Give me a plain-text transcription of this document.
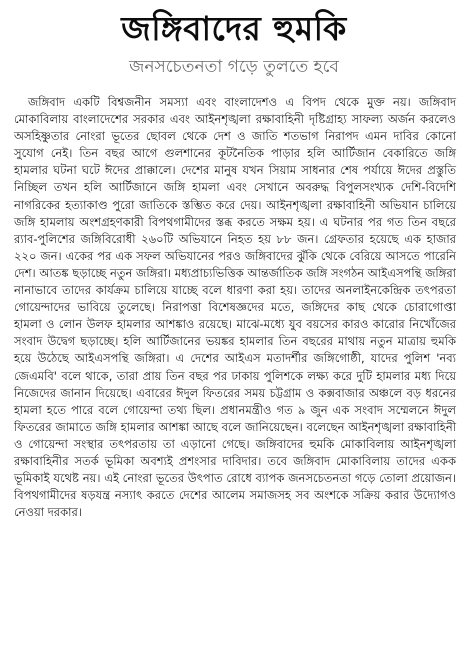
জঙ্গিবাদের হুমকি
জনসচেতনতা গড়ে তুলতে হবে

জঙ্গিবাদ একটি বিশ্বজনীন সমস্যা এবং বাংলাদেশও এ বিপদ থেকে মুক্ত নয়। জঙ্গিবাদ মোকাবিলায় বাংলাদেশের সরকার এবং আইনশৃঙ্খলা রক্ষাবাহিনী দৃষ্টিগ্রাহ্য সাফল্য অর্জন করলেও অসহিষ্ণুতার নোংরা ভূতের ছোবল থেকে দেশ ও জাতি শতভাগ নিরাপদ এমন দাবির কোনো সুযোগ নেই। তিন বছর আগে গুলশানের কূটনৈতিক পাড়ার হলি আর্টিজান বেকারিতে জঙ্গি হামলার ঘটনা ঘটে ঈদের প্রাক্কালে। দেশের মানুষ যখন সিয়াম সাধনার শেষ পর্যায়ে ঈদের প্রস্তুতি নিচ্ছিল তখন হলি আর্টিজানে জঙ্গি হামলা এবং সেখানে অবরুদ্ধ বিপুলসংখ্যক দেশি-বিদেশি নাগরিকের হত্যাকাণ্ড পুরো জাতিকে স্তম্ভিত করে দেয়। আইনশৃঙ্খলা রক্ষাবাহিনী অভিযান চালিয়ে জঙ্গি হামলায় অংশগ্রহণকারী বিপথগামীদের স্তব্ধ করতে সক্ষম হয়। এ ঘটনার পর গত তিন বছরে র‍্যাব-পুলিশের জঙ্গিবিরোধী ২৬০টি অভিযানে নিহত হয় ৮৮ জন। গ্রেফতার হয়েছে এক হাজার ২২০ জন। একের পর এক সফল অভিযানের পরও জঙ্গিবাদের ঝুঁকি থেকে বেরিয়ে আসতে পারেনি দেশ। আতঙ্ক ছড়াচ্ছে নতুন জঙ্গিরা। মধ্যপ্রাচ্যভিত্তিক আন্তর্জাতিক জঙ্গি সংগঠন আইএসপন্থি জঙ্গিরা নানাভাবে তাদের কার্যক্রম চালিয়ে যাচ্ছে বলে ধারণা করা হয়। তাদের অনলাইনকেন্দ্রিক তৎপরতা গোয়েন্দাদের ভাবিয়ে তুলেছে। নিরাপত্তা বিশেষজ্ঞদের মতে, জঙ্গিদের কাছ থেকে চোরাগোপ্তা হামলা ও লোন উলফ হামলার আশঙ্কাও রয়েছে। মাঝে-মধ্যে যুব বয়সের কারও কারোর নিখোঁজের সংবাদ উদ্বেগ ছড়াচ্ছে। হলি আর্টিজানের ভয়ঙ্কর হামলার তিন বছরের মাথায় নতুন মাত্রায় হুমকি হয়ে উঠেছে আইএসপন্থি জঙ্গিরা। এ দেশের আইএস মতাদর্শীর জঙ্গিগোষ্ঠী, যাদের পুলিশ 'নব্য জেএমবি' বলে থাকে, তারা প্রায় তিন বছর পর ঢাকায় পুলিশকে লক্ষ্য করে দুটি হামলার মধ্য দিয়ে নিজেদের জানান দিয়েছে। এবারের ঈদুল ফিতরের সময় চট্টগ্রাম ও কক্সবাজার অঞ্চলে বড় ধরনের হামলা হতে পারে বলে গোয়েন্দা তথ্য ছিল। প্রধানমন্ত্রীও গত ৯ জুন এক সংবাদ সম্মেলনে ঈদুল ফিতরের জামাতে জঙ্গি হামলার আশঙ্কা আছে বলে জানিয়েছেন। বলেছেন আইনশৃঙ্খলা রক্ষাবাহিনী ও গোয়েন্দা সংস্থার তৎপরতায় তা এড়ানো গেছে। জঙ্গিবাদের হুমকি মোকাবিলায় আইনশৃঙ্খলা রক্ষাবাহিনীর সতর্ক ভূমিকা অবশ্যই প্রশংসার দাবিদার। তবে জঙ্গিবাদ মোকাবিলায় তাদের একক ভূমিকাই যথেষ্ট নয়। এই নোংরা ভূতের উৎপাত রোধে ব্যাপক জনসচেতনতা গড়ে তোলা প্রয়োজন। বিপথগামীদের ষড়যন্ত্র নস্যাৎ করতে দেশের আলেম সমাজসহ সব অংশকে সক্রিয় করার উদ্যোগও নেওয়া দরকার।
